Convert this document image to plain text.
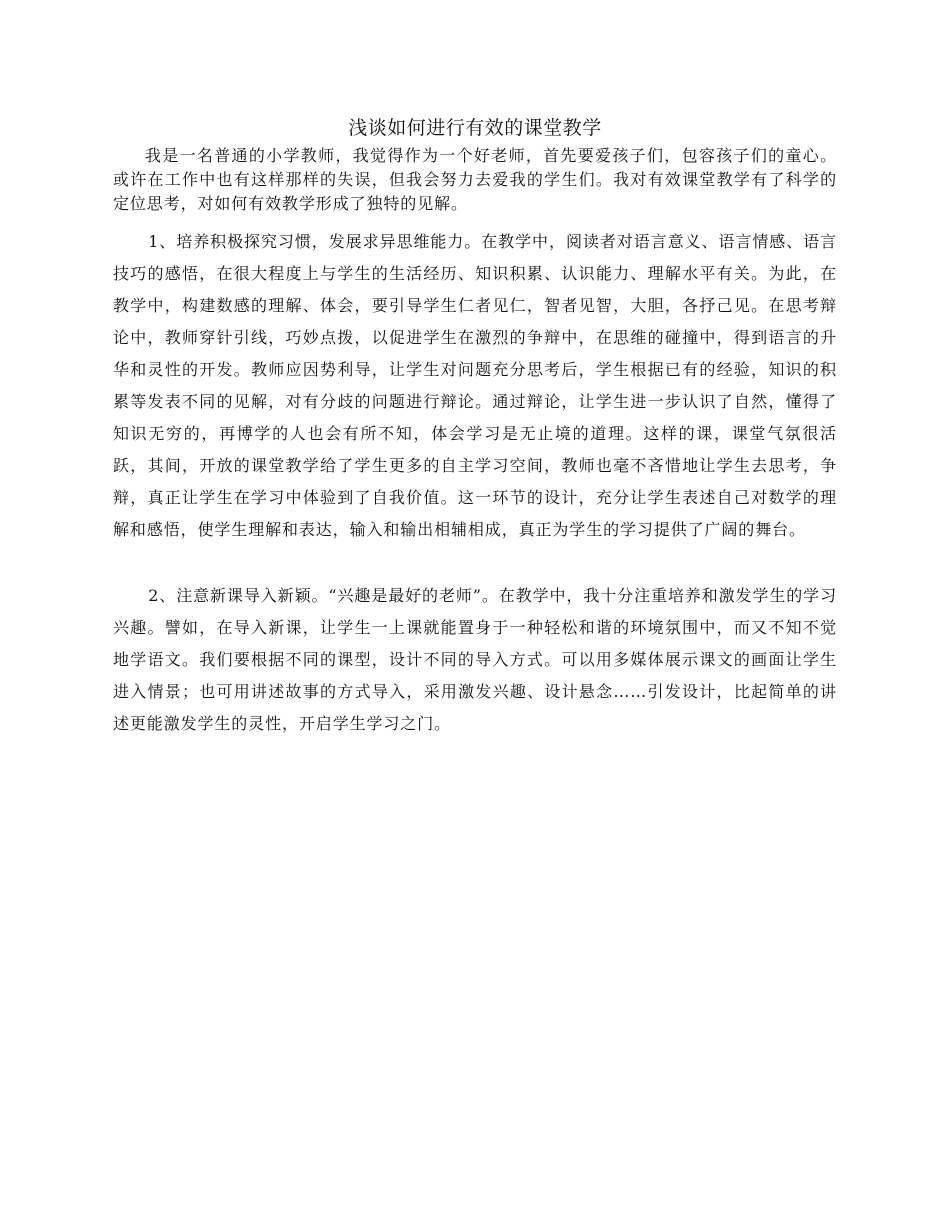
浅谈如何进行有效的课堂教学

我是一名普通的小学教师，我觉得作为一个好老师，首先要爱孩子们，包容孩子们的童心。或许在工作中也有这样那样的失误，但我会努力去爱我的学生们。我对有效课堂教学有了科学的定位思考，对如何有效教学形成了独特的见解。

1、培养积极探究习惯，发展求异思维能力。在教学中，阅读者对语言意义、语言情感、语言技巧的感悟，在很大程度上与学生的生活经历、知识积累、认识能力、理解水平有关。为此，在教学中，构建数感的理解、体会，要引导学生仁者见仁，智者见智，大胆，各抒己见。在思考辩论中，教师穿针引线，巧妙点拨，以促进学生在激烈的争辩中，在思维的碰撞中，得到语言的升华和灵性的开发。教师应因势利导，让学生对问题充分思考后，学生根据已有的经验，知识的积累等发表不同的见解，对有分歧的问题进行辩论。通过辩论，让学生进一步认识了自然，懂得了知识无穷的，再博学的人也会有所不知，体会学习是无止境的道理。这样的课，课堂气氛很活跃，其间，开放的课堂教学给了学生更多的自主学习空间，教师也毫不吝惜地让学生去思考，争辩，真正让学生在学习中体验到了自我价值。这一环节的设计，充分让学生表述自己对数学的理解和感悟，使学生理解和表达，输入和输出相辅相成，真正为学生的学习提供了广阔的舞台。

2、注意新课导入新颖。“兴趣是最好的老师”。在教学中，我十分注重培养和激发学生的学习兴趣。譬如，在导入新课，让学生一上课就能置身于一种轻松和谐的环境氛围中，而又不知不觉地学语文。我们要根据不同的课型，设计不同的导入方式。可以用多媒体展示课文的画面让学生进入情景；也可用讲述故事的方式导入，采用激发兴趣、设计悬念……引发设计，比起简单的讲述更能激发学生的灵性，开启学生学习之门。
